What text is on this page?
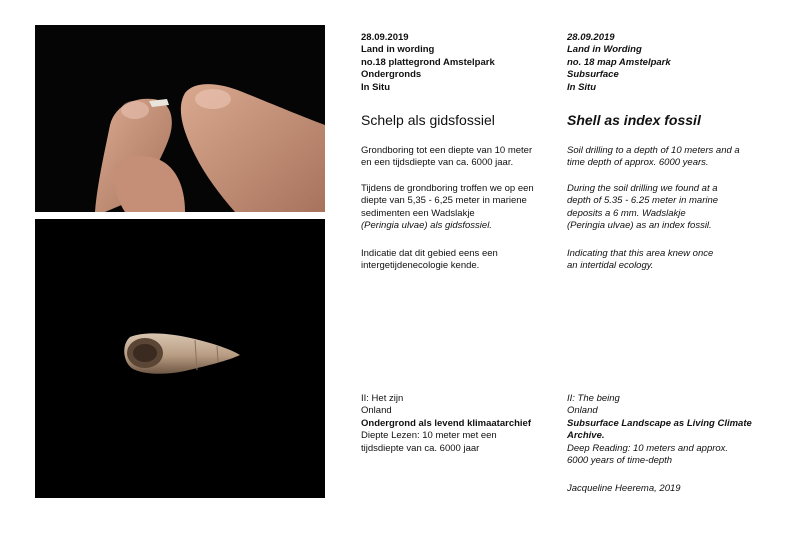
28.09.2019
Land in wording
no.18 plattegrond Amstelpark
Ondergronds
In Situ
Schelp als gidsfossiel
Grondboring tot een diepte van 10 meter
en een tijdsdiepte van ca. 6000 jaar.
Tijdens de grondboring troffen we op een
diepte van 5,35 - 6,25 meter in mariene
sedimenten een Wadslakje
(Peringia ulvae) als gidsfossiel.
Indicatie dat dit gebied eens een
intergetijdenecologie kende.
II: Het zijn
Onland
Ondergrond als levend klimaatarchief
Diepte Lezen: 10 meter met een
tijdsdiepte van ca. 6000 jaar
28.09.2019
Land in Wording
no. 18 map Amstelpark
Subsurface
In Situ
Shell as index fossil
Soil drilling to a depth of 10 meters and a
time depth of approx. 6000 years.
During the soil drilling we found at a
depth of 5.35 - 6.25 meter in marine
deposits a 6 mm. Wadslakje
(Peringia ulvae) as an index fossil.
Indicating that this area knew once
an intertidal ecology.
II: The being
Onland
Subsurface Landscape as Living Climate
Archive.
Deep Reading: 10 meters and approx.
6000 years of time-depth
Jacqueline Heerema, 2019
